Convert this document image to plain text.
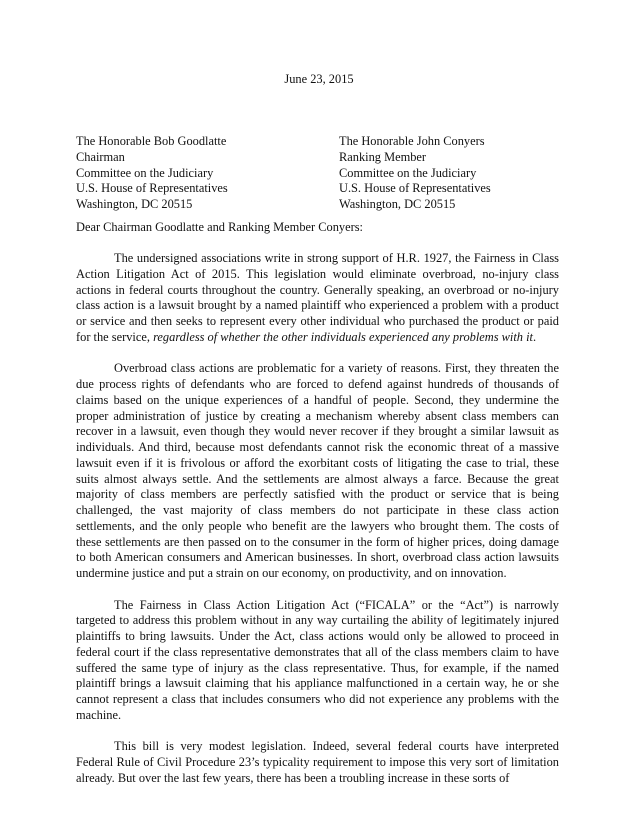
June 23, 2015
The Honorable Bob Goodlatte
Chairman
Committee on the Judiciary
U.S. House of Representatives
Washington, DC 20515
The Honorable John Conyers
Ranking Member
Committee on the Judiciary
U.S. House of Representatives
Washington, DC 20515
Dear Chairman Goodlatte and Ranking Member Conyers:

The undersigned associations write in strong support of H.R. 1927, the Fairness in Class Action Litigation Act of 2015. This legislation would eliminate overbroad, no-injury class actions in federal courts throughout the country. Generally speaking, an overbroad or no-injury class action is a lawsuit brought by a named plaintiff who experienced a problem with a product or service and then seeks to represent every other individual who purchased the product or paid for the service, regardless of whether the other individuals experienced any problems with it.

Overbroad class actions are problematic for a variety of reasons. First, they threaten the due process rights of defendants who are forced to defend against hundreds of thousands of claims based on the unique experiences of a handful of people. Second, they undermine the proper administration of justice by creating a mechanism whereby absent class members can recover in a lawsuit, even though they would never recover if they brought a similar lawsuit as individuals. And third, because most defendants cannot risk the economic threat of a massive lawsuit even if it is frivolous or afford the exorbitant costs of litigating the case to trial, these suits almost always settle. And the settlements are almost always a farce. Because the great majority of class members are perfectly satisfied with the product or service that is being challenged, the vast majority of class members do not participate in these class action settlements, and the only people who benefit are the lawyers who brought them. The costs of these settlements are then passed on to the consumer in the form of higher prices, doing damage to both American consumers and American businesses. In short, overbroad class action lawsuits undermine justice and put a strain on our economy, on productivity, and on innovation.

The Fairness in Class Action Litigation Act (“FICALA” or the “Act”) is narrowly targeted to address this problem without in any way curtailing the ability of legitimately injured plaintiffs to bring lawsuits. Under the Act, class actions would only be allowed to proceed in federal court if the class representative demonstrates that all of the class members claim to have suffered the same type of injury as the class representative. Thus, for example, if the named plaintiff brings a lawsuit claiming that his appliance malfunctioned in a certain way, he or she cannot represent a class that includes consumers who did not experience any problems with the machine.

This bill is very modest legislation. Indeed, several federal courts have interpreted Federal Rule of Civil Procedure 23’s typicality requirement to impose this very sort of limitation already. But over the last few years, there has been a troubling increase in these sorts of
